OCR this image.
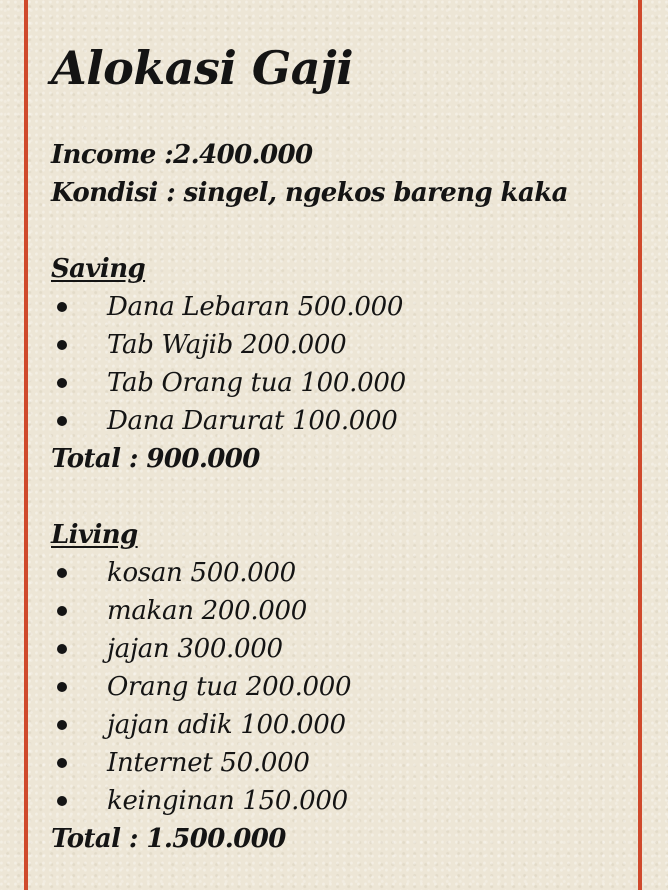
Alokasi Gaji
Income :2.400.000
Kondisi : singel, ngekos bareng kaka
Saving
Dana Lebaran 500.000
Tab Wajib 200.000
Tab Orang tua 100.000
Dana Darurat 100.000
Total : 900.000
Living
kosan 500.000
makan 200.000
jajan 300.000
Orang tua 200.000
jajan adik 100.000
Internet 50.000
keinginan 150.000
Total : 1.500.000
